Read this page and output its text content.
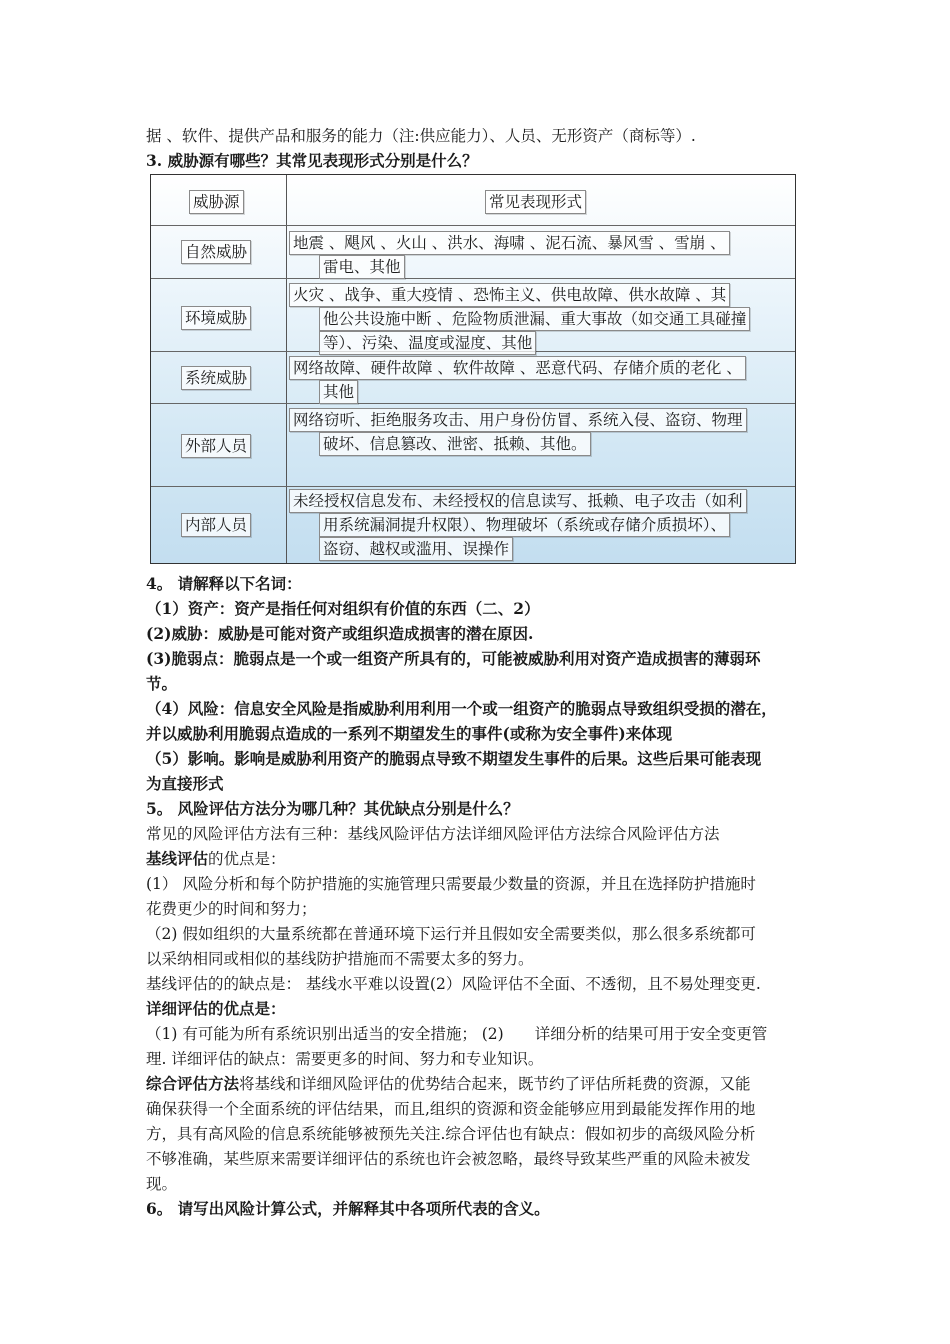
据 、软件、提供产品和服务的能力（注:供应能力）、人员、无形资产（商标等）.
3. 威胁源有哪些？其常见表现形式分别是什么？
威胁源	常见表现形式
自然威胁	地震 、飓风 、火山 、洪水、海啸 、泥石流、暴风雪 、雪崩 、
雷电、其他
环境威胁
火灾 、战争、重大疫情 、恐怖主义、供电故障、供水故障 、其
他公共设施中断 、危险物质泄漏、重大事故（如交通工具碰撞
等）、污染、温度或湿度、其他
系统威胁
网络故障、硬件故障 、软件故障 、恶意代码、存储介质的老化 、
其他
外部人员
网络窃听、拒绝服务攻击、用户身份仿冒、系统入侵、盗窃、物理
破坏、信息篡改、泄密、抵赖、其他。
内部人员
未经授权信息发布、未经授权的信息读写、抵赖、电子攻击（如利
用系统漏洞提升权限）、物理破坏（系统或存储介质损坏）、
盗窃、越权或滥用、误操作
4。 请解释以下名词：
（1）资产：资产是指任何对组织有价值的东西（二、2）
(2)威胁：威胁是可能对资产或组织造成损害的潜在原因.
(3)脆弱点：脆弱点是一个或一组资产所具有的，可能被威胁利用对资产造成损害的薄弱环
节。
（4）风险：信息安全风险是指威胁利用利用一个或一组资产的脆弱点导致组织受损的潜在，
并以威胁利用脆弱点造成的一系列不期望发生的事件(或称为安全事件)来体现
（5）影响。影响是威胁利用资产的脆弱点导致不期望发生事件的后果。这些后果可能表现
为直接形式
5。 风险评估方法分为哪几种？其优缺点分别是什么？
常见的风险评估方法有三种：基线风险评估方法详细风险评估方法综合风险评估方法
基线评估的优点是：
(1） 风险分析和每个防护措施的实施管理只需要最少数量的资源，并且在选择防护措施时
花费更少的时间和努力；
（2) 假如组织的大量系统都在普通环境下运行并且假如安全需要类似，那么很多系统都可
以采纳相同或相似的基线防护措施而不需要太多的努力。
基线评估的的缺点是： 基线水平难以设置(2）风险评估不全面、不透彻，且不易处理变更.
详细评估的优点是：
（1) 有可能为所有系统识别出适当的安全措施； (2)　　详细分析的结果可用于安全变更管
理. 详细评估的缺点：需要更多的时间、努力和专业知识。
综合评估方法将基线和详细风险评估的优势结合起来，既节约了评估所耗费的资源，又能
确保获得一个全面系统的评估结果，而且,组织的资源和资金能够应用到最能发挥作用的地
方，具有高风险的信息系统能够被预先关注.综合评估也有缺点：假如初步的高级风险分析
不够准确，某些原来需要详细评估的系统也许会被忽略，最终导致某些严重的风险未被发
现。
6。 请写出风险计算公式，并解释其中各项所代表的含义。
